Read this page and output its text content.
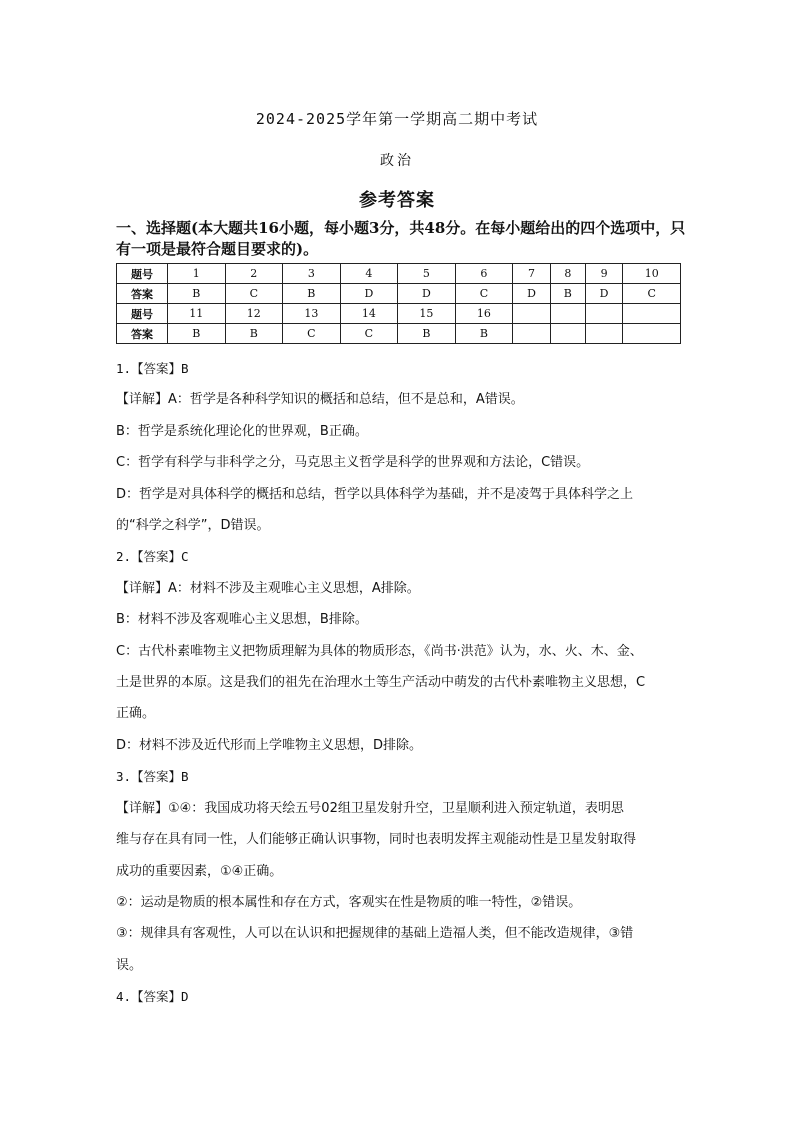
2024-2025学年第一学期高二期中考试
政治
参考答案
一、选择题(本大题共16小题，每小题3分，共48分。在每小题给出的四个选项中，只有一项是最符合题目要求的)。
题号	1	2	3	4	5	6	7	8	9	10
答案	B	C	B	D	D	C	D	B	D	C
题号	11	12	13	14	15	16				
答案	B	B	C	C	B	B				

1.【答案】B

【详解】A：哲学是各种科学知识的概括和总结，但不是总和，A错误。

B：哲学是系统化理论化的世界观，B正确。

C：哲学有科学与非科学之分，马克思主义哲学是科学的世界观和方法论，C错误。

D：哲学是对具体科学的概括和总结，哲学以具体科学为基础，并不是凌驾于具体科学之上

的“科学之科学”，D错误。

2.【答案】C

【详解】A：材料不涉及主观唯心主义思想，A排除。

B：材料不涉及客观唯心主义思想，B排除。

C：古代朴素唯物主义把物质理解为具体的物质形态，《尚书·洪范》认为，水、火、木、金、

土是世界的本原。这是我们的祖先在治理水土等生产活动中萌发的古代朴素唯物主义思想，C

正确。

D：材料不涉及近代形而上学唯物主义思想，D排除。

3.【答案】B

【详解】①④：我国成功将天绘五号02组卫星发射升空，卫星顺利进入预定轨道，表明思

维与存在具有同一性，人们能够正确认识事物，同时也表明发挥主观能动性是卫星发射取得

成功的重要因素，①④正确。

②：运动是物质的根本属性和存在方式，客观实在性是物质的唯一特性，②错误。

③：规律具有客观性，人可以在认识和把握规律的基础上造福人类，但不能改造规律，③错

误。

4.【答案】D
